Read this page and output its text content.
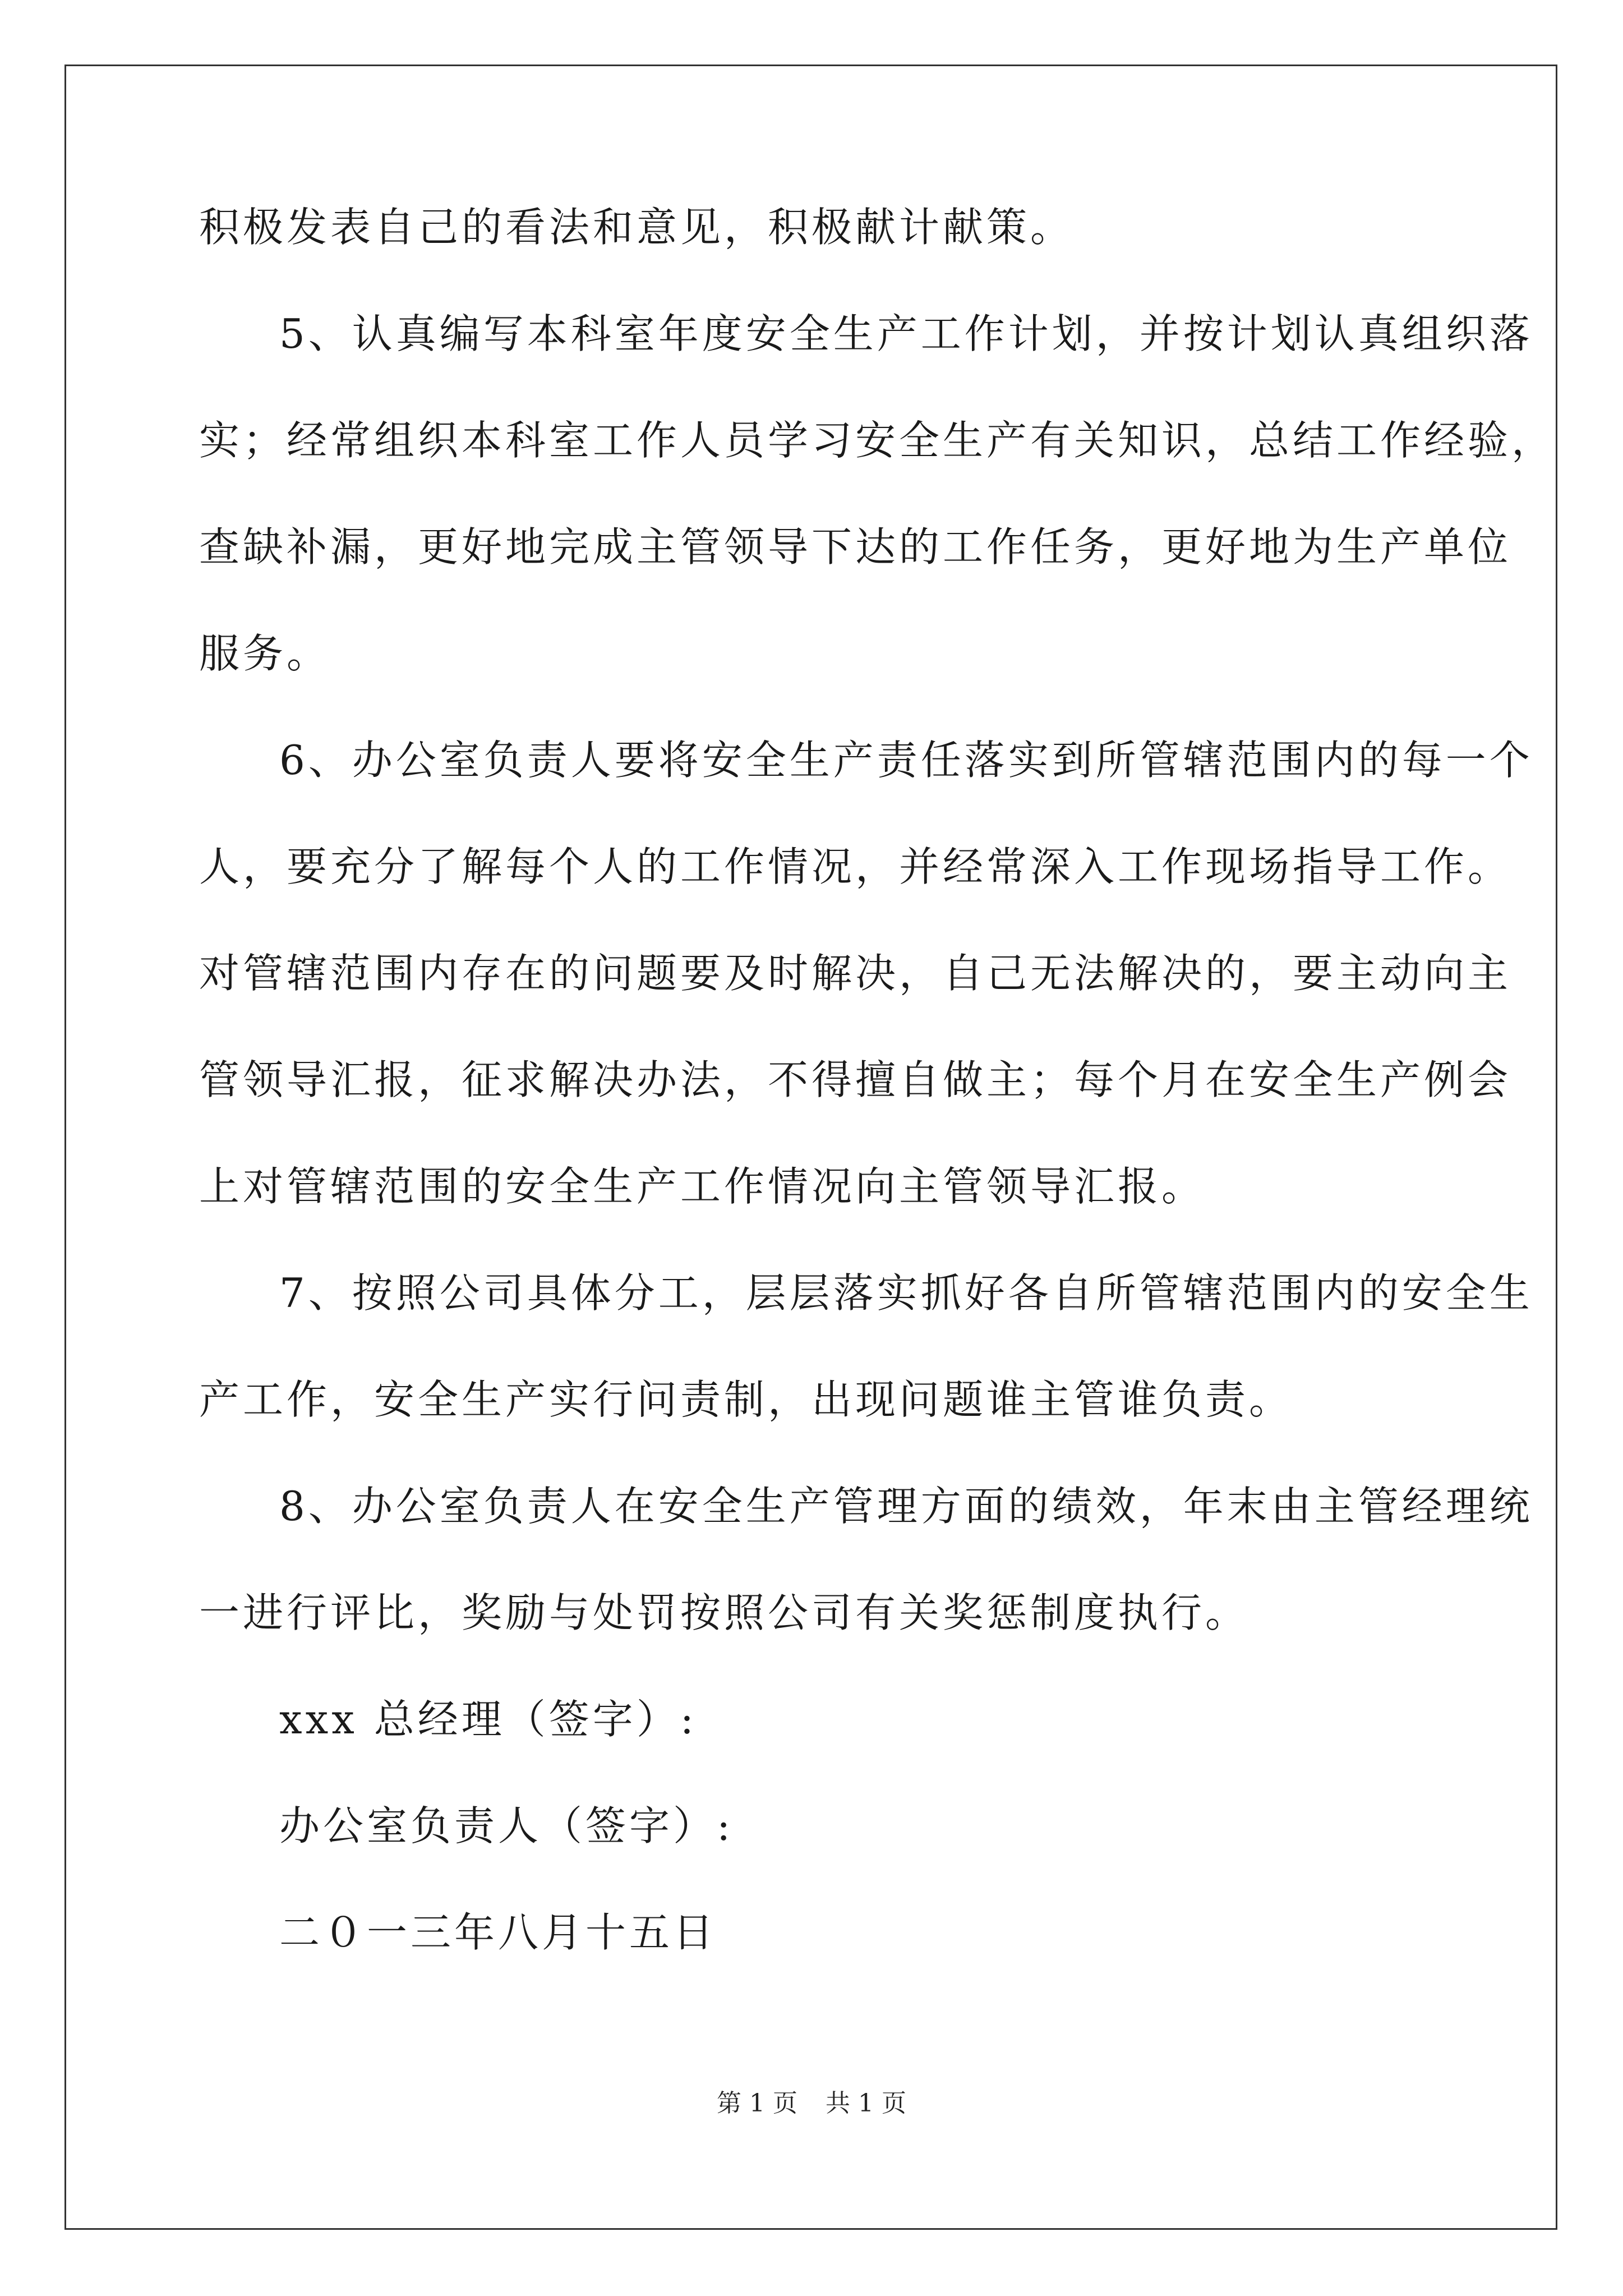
积极发表自己的看法和意见，积极献计献策。
5、认真编写本科室年度安全生产工作计划，并按计划认真组织落
实；经常组织本科室工作人员学习安全生产有关知识，总结工作经验，
查缺补漏，更好地完成主管领导下达的工作任务，更好地为生产单位
服务。
6、办公室负责人要将安全生产责任落实到所管辖范围内的每一个
人，要充分了解每个人的工作情况，并经常深入工作现场指导工作。
对管辖范围内存在的问题要及时解决，自己无法解决的，要主动向主
管领导汇报，征求解决办法，不得擅自做主；每个月在安全生产例会
上对管辖范围的安全生产工作情况向主管领导汇报。
7、按照公司具体分工，层层落实抓好各自所管辖范围内的安全生
产工作，安全生产实行问责制，出现问题谁主管谁负责。
8、办公室负责人在安全生产管理方面的绩效，年末由主管经理统
一进行评比，奖励与处罚按照公司有关奖惩制度执行。
xxx 总经理（签字）:
办公室负责人（签字）:
二０一三年八月十五日
第 1 页 共 1 页
